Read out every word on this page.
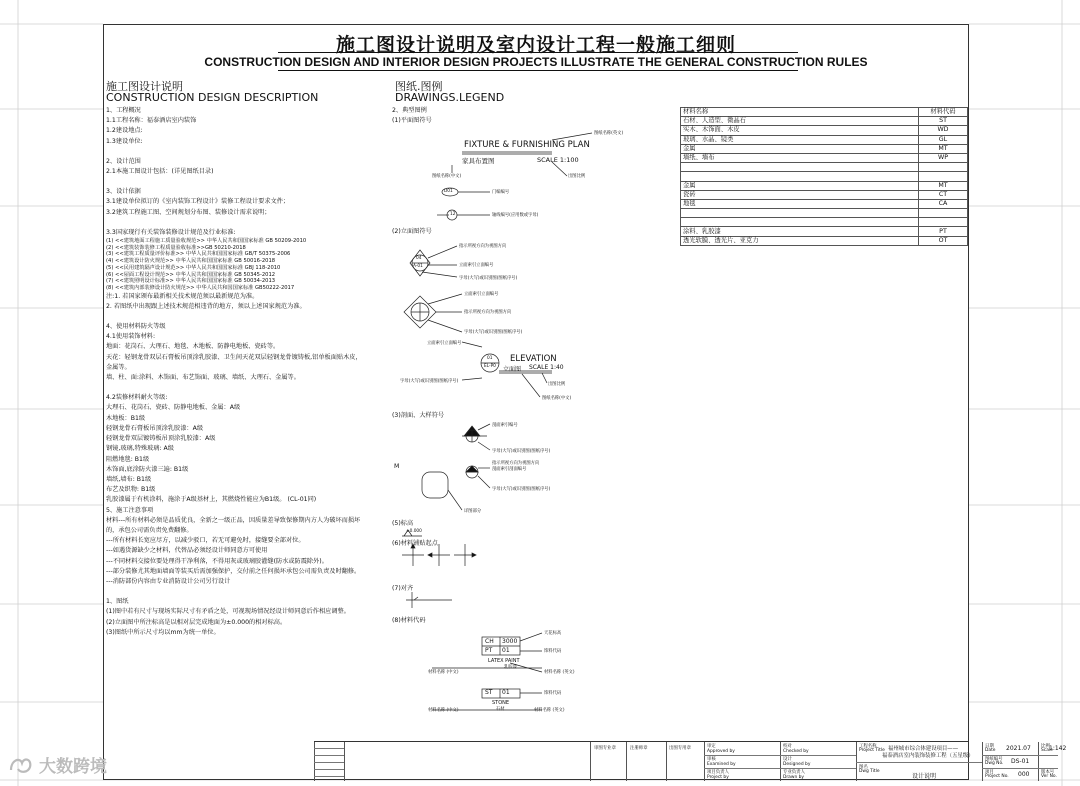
施工图设计说明及室内设计工程一般施工细则
CONSTRUCTION DESIGN AND INTERIOR DESIGN PROJECTS ILLUSTRATE THE GENERAL CONSTRUCTION RULES
施工图设计说明
CONSTRUCTION DESIGN DESCRIPTION

1、工程概况

1.1工程名称：福泰酒店室内装饰

1.2建设地点:

1.3建设单位:

2、设计范围

2.1本施工图设计包括：(详见图纸目录)

3、设计依据

3.1建设单位拟订的《室内装饰工程设计》装修工程设计要求文件；

3.2建筑工程施工图、空间规划分布图、装修设计需求说明；

3.3国家现行有关装饰装修设计规范及行业标准:

(1) <<建筑地面工程施工质量验收规范>> 中华人民共和国国家标准 GB 50209-2010

(2) <<建筑装饰装修工程质量验收标准>>GB 50210-2018

(3) <<建筑工程质量评价标准>> 中华人民共和国国家标准 GB/T 50375-2006

(4) <<建筑设计防火规范>> 中华人民共和国国家标准 GB 50016-2018

(5) <<民用建筑隔声设计规范>> 中华人民共和国国家标准 GBJ 118-2010

(6) <<屋面工程设计规范>> 中华人民共和国国家标准 GB 50345-2012

(7) <<建筑照明设计标准>> 中华人民共和国国家标准 GB 50034-2013

(8) <<建筑内部装修设计防火规范>> 中华人民共和国国家标准 GB50222-2017

注:1. 若国家颁布最新相关技术规范须以最新规范为准。

2. 若图纸中出现跟上述技术规范相违背的地方，须以上述国家规范为准。

4、使用材料防火等级

4.1使用装饰材料:

地面：花岗石、大理石、地毯、木地板、防静电地板、瓷砖等。

天花：轻钢龙骨双层石膏板吊顶涂乳胶漆、卫生间天花双层轻钢龙骨镀铸板,铝单板面贴木皮，

金属等。

墙、柱、面:涂料、木饰面、布艺饰面、玻璃、墙纸、大理石、金属等。

4.2装修材料耐火等级:

大理石、花岗石、瓷砖、防静电地板、金属：A级

木地板：B1级

轻钢龙骨石膏板吊顶涂乳胶漆：A级

轻钢龙骨双层镀铸板吊顶涂乳胶漆：A级

钢镜,玻璃,特殊玻璃: A级

阻燃地毯: B1级

木饰面,底涂防火漆三遍: B1级

墙纸,墙布: B1级

布艺及织物: B1级

乳胶漆属于有机涂料，施涂于A级基材上，其燃烧性能应为B1级。 (CL-01同)

5、施工注意事项

材料---所有材料必须是品质优良，全新之一级正品，因质量差导致保修期内方人为破坏而损坏

的，承包公司需负责免费翻修。

---所有材料长宽应尽方，以减少驳口，若无可避免时，接缝要全部对位。

---如遇货源缺少之材料，代替品必须经设计师同意方可使用

---不同材料交接位要处理得干净利落，不得用灰或玻璃胶灌缝(防水或防震除外)。

---部分装修尤其地面墙面等装买后需加强保护，交付前之任何损坏承包公司需负责及时翻修。

---消防部份内容由专业消防设计公司另行设计

1、图纸

(1)图中若有尺寸与现场实际尺寸有矛盾之处，可视现场情况经设计师同意后作相应调整。

(2)立面图中所注标高是以相对层完成地面为±0.000的相对标高。

(3)图纸中所示尺寸均以mm为统一单位。

图纸.图例
DRAWINGS.LEGEND
2、典型图例
(1)平面图符号
FIXTURE & FURNISHING PLAN
家具布置图	SCALE 1:100
图纸名称(英文)
图纸名称(中文)	出图比例
D01	门编编号
12	轴线编号(应用数或字母)
(2)立面图符号
04
A-01
指示所视方向为视图方向
立面索引立面编号
字母(大写)或识别图(图纸序号)
立面索引立面编号
指示所视方向为视图方向
字母(大写)或识别图(图纸序号)
立面索引立面编号
01
EL-P0
ELEVATION
立面图 SCALE 1:40
字母(大写)或识别图(图纸序号)
出图比例
图纸名称(中文)
(3)剖面、大样符号
剖面索引编号
字母(大写)或识别图(图纸序号)
M	指示所视方向为视图方向
剖面索引剖面编号
字母(大写)或识别图(图纸序号)
详图部分
(5)标高
±0.000
(6)材料铺贴起点
(7)对齐
(8)材料代码
CH 3000
PT 01
LATEX PAINT
乳胶漆
天花标高
饰料代码
材料名称 (英文)
材料名称 (中文)
ST 01
STONE
石材
饰料代码
材料名称 (中文)	材料名称 (英文)
材料名称	材料代码
石材、人造型、微晶石	ST
实木、木饰面、木皮	WD
玻璃、水晶、镜类	GL
金属	MT
墙纸、墙布	WP

金属	MT
瓷砖	CT
地毯	CA

涂料、乳胶漆	PT
透光软膜、透光片、亚克力	OT
审图专业章	注册师章	出图专用章	审定
Approved by
审核
Examined by
项目负责人
Project by
校对
Checked by
设计
Designed by
专业负责人
Drawn by
工程名称
Project Title 福州城市综合体建设项目——
福泰酒店室内装饰装修工程（五星级）
图名
Dwg Title
设计说明
日期
Date 2021.07
图纸编号
Dwg No. DS-01
项目
Project No. 000
比例
Scale
1:142
版本号
Ver No.
大数跨境
